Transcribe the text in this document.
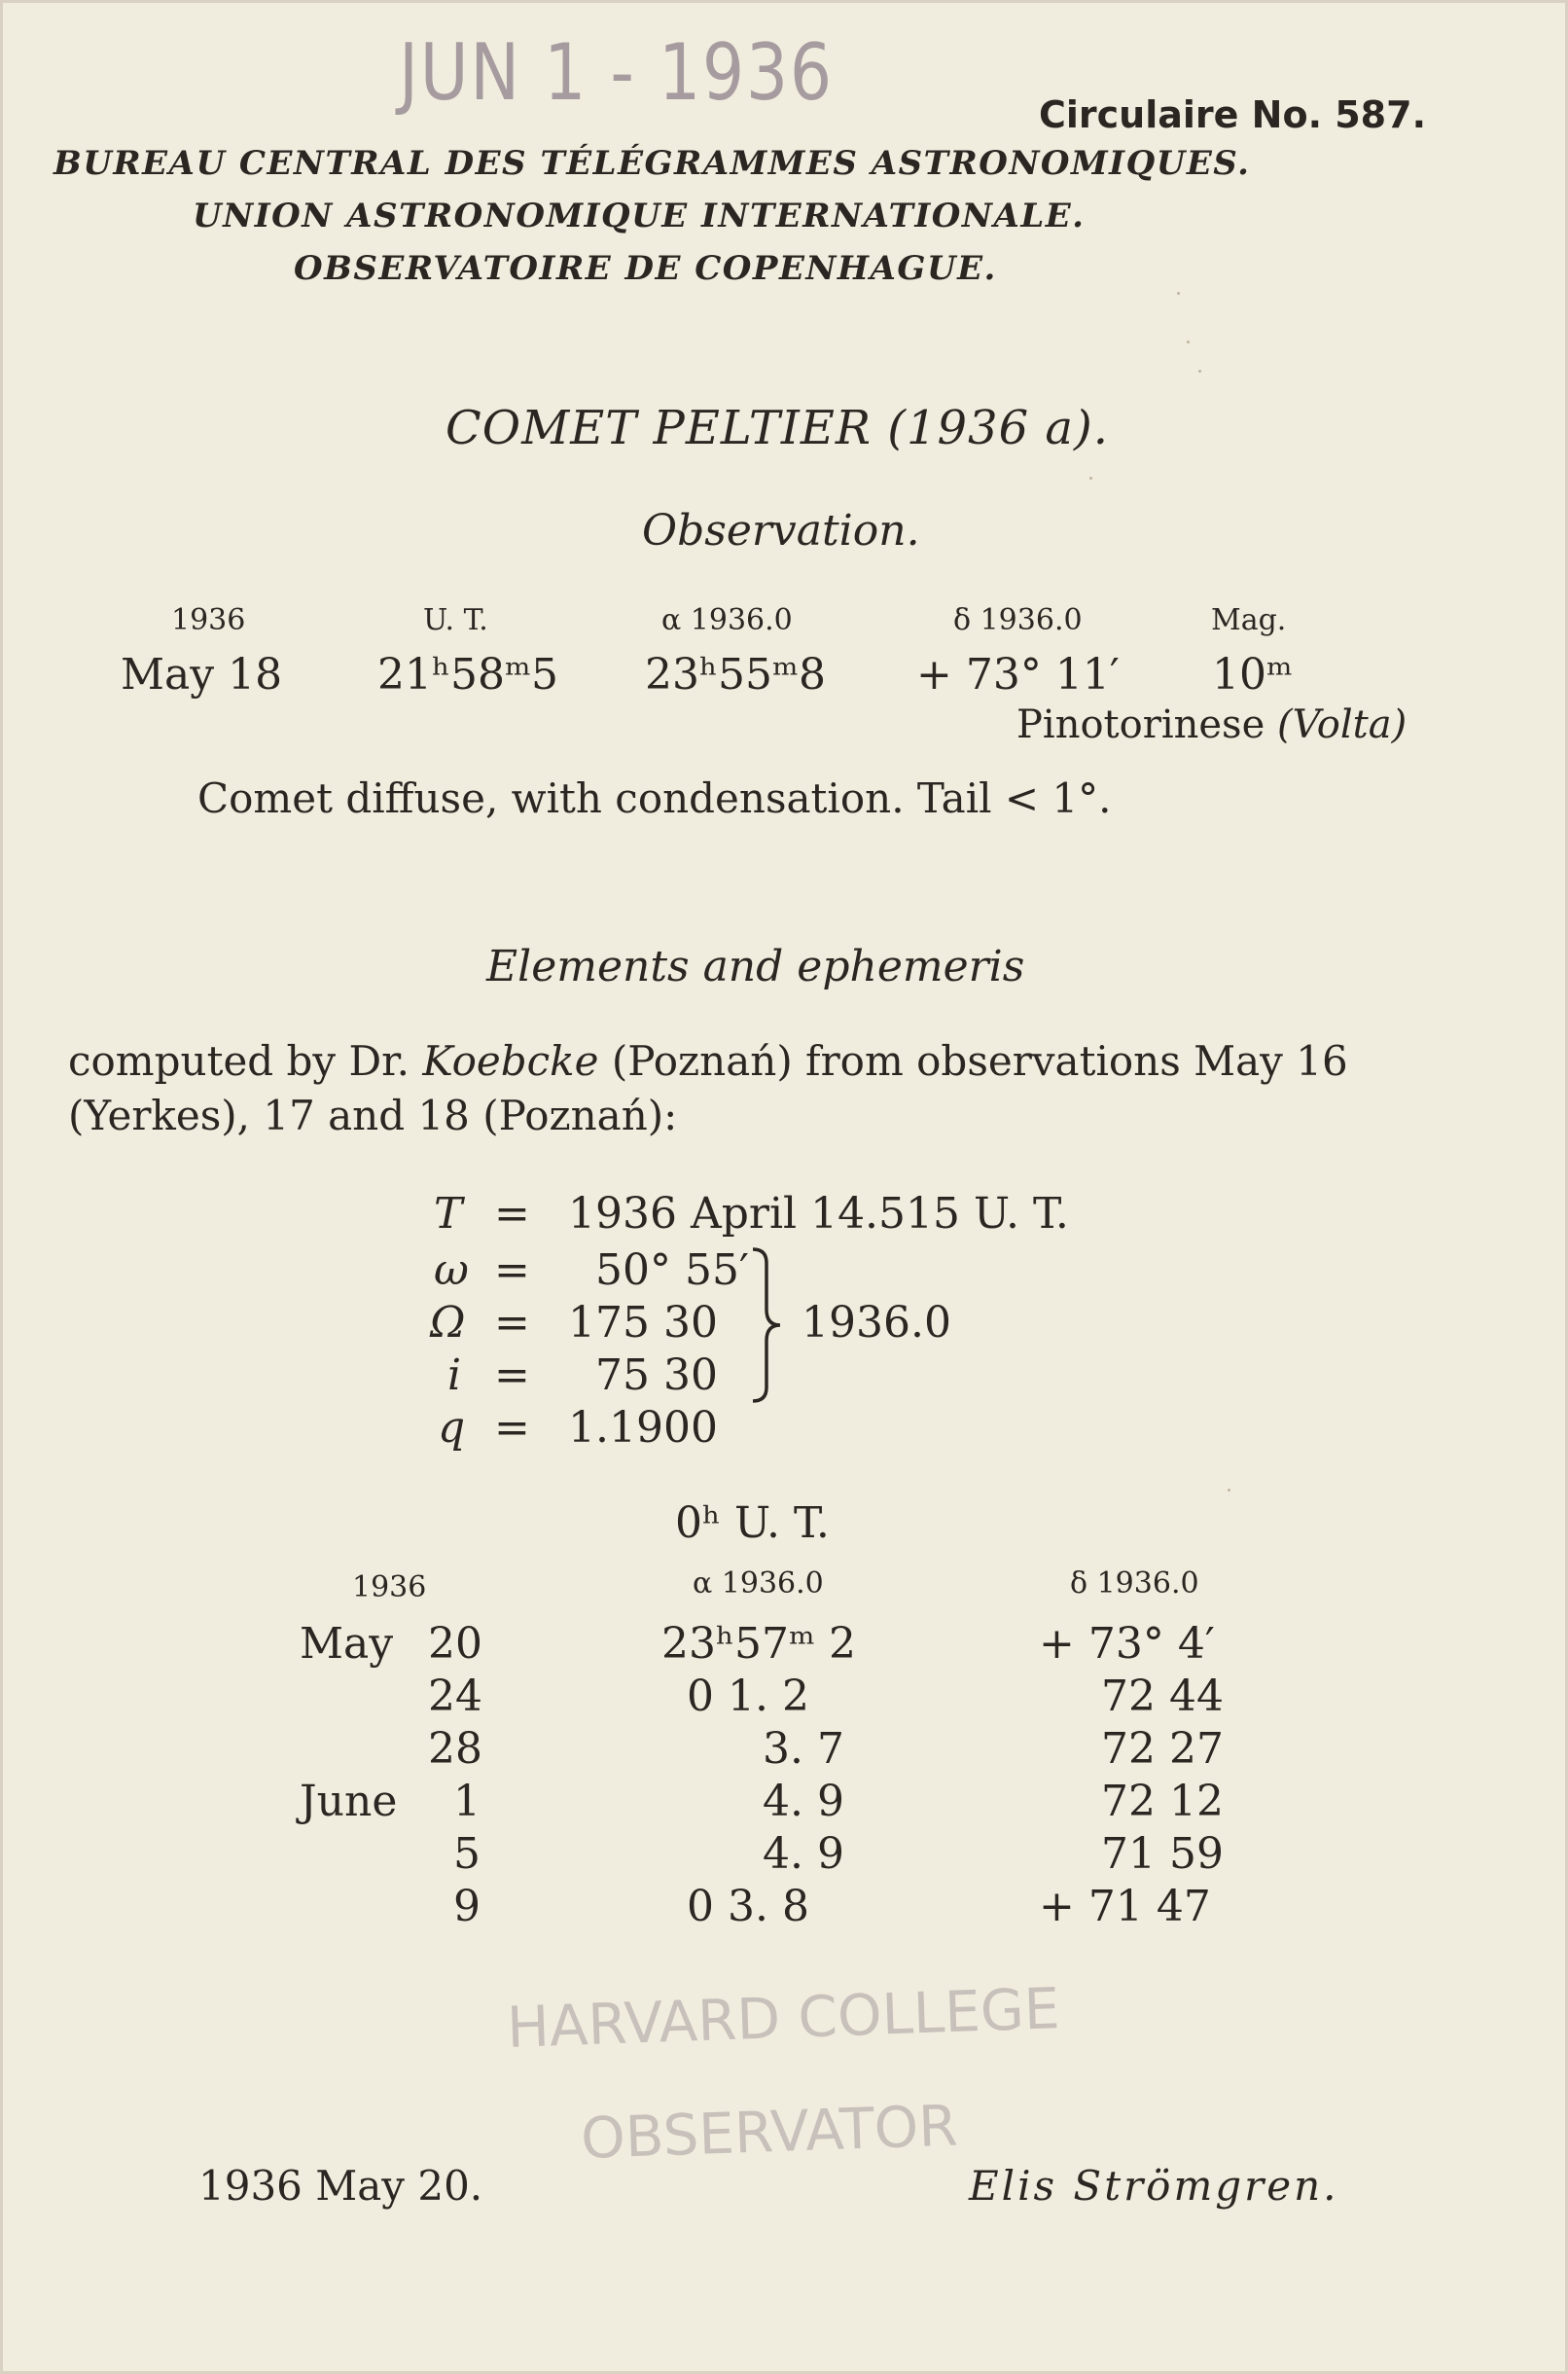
JUN 1 - 1936	Circulaire No. 587.
BUREAU CENTRAL DES TÉLÉGRAMMES ASTRONOMIQUES.
UNION ASTRONOMIQUE INTERNATIONALE.
OBSERVATOIRE DE COPENHAGUE.
COMET PELTIER (1936 a).
Observation.
1936	U. T.	α 1936.0	δ 1936.0	Mag.
May 18 21ʰ58ᵐ5 23ʰ55ᵐ8 + 73° 11′ 10ᵐ
Pinotorinese (Volta)
Comet diffuse, with condensation. Tail < 1°.
Elements and ephemeris
computed by Dr. Koebcke (Poznań) from observations May 16
(Yerkes), 17 and 18 (Poznań):
T = 1936 April 14.515 U. T.
ω = 50° 55′
Ω = 175 30
i = 75 30
q = 1.1900
1936.0
0ʰ U. T.
1936	α 1936.0	δ 1936.0
May 20	23ʰ57ᵐ 2	+ 73° 4′
24	0 1. 2	72 44
28	3. 7	72 27
June 1	4. 9	72 12
5	4. 9	71 59
9	0 3. 8	+ 71 47
HARVARD COLLEGE
OBSERVATOR
1936 May 20.	Elis Strömgren.
